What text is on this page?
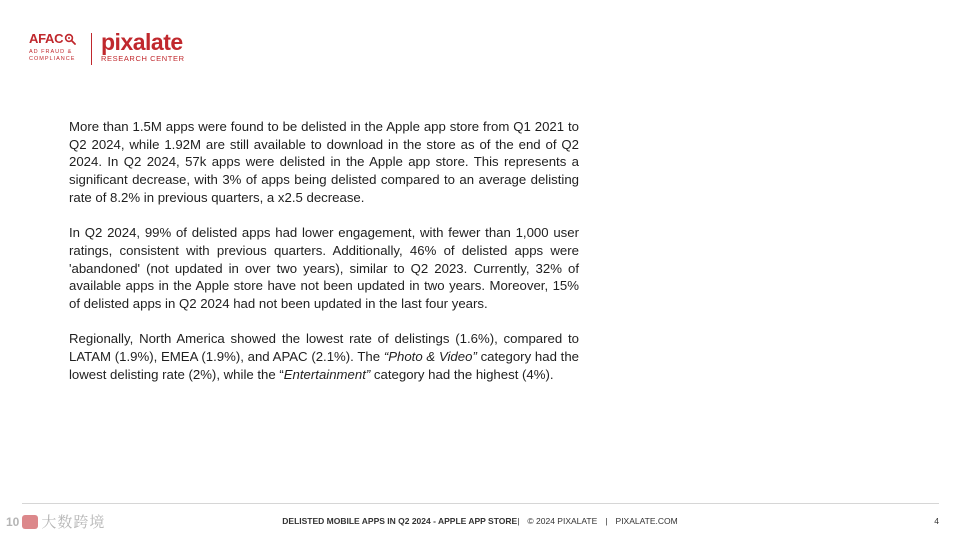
AFAC
AD FRAUD & COMPLIANCE
pixalate
RESEARCH CENTER

More than 1.5M apps were found to be delisted in the Apple app store from Q1 2021 to Q2 2024, while 1.92M are still available to download in the store as of the end of Q2 2024. In Q2 2024, 57k apps were delisted in the Apple app store. This represents a significant decrease, with 3% of apps being delisted compared to an average delisting rate of 8.2% in previous quarters, a x2.5 decrease.

In Q2 2024, 99% of delisted apps had lower engagement, with fewer than 1,000 user ratings, consistent with previous quarters. Additionally, 46% of delisted apps were 'abandoned' (not updated in over two years), similar to Q2 2023. Currently, 32% of available apps in the Apple store have not been updated in two years. Moreover, 15% of delisted apps in Q2 2024 had not been updated in the last four years.

Regionally, North America showed the lowest rate of delistings (1.6%), compared to LATAM (1.9%), EMEA (1.9%), and APAC (2.1%). The “Photo & Video” category had the lowest delisting rate (2%), while the “Entertainment” category had the highest (4%).

10 大数跨境	DELISTED MOBILE APPS IN Q2 2024 - APPLE APP STORE| © 2024 PIXALATE | PIXALATE.COM	4
